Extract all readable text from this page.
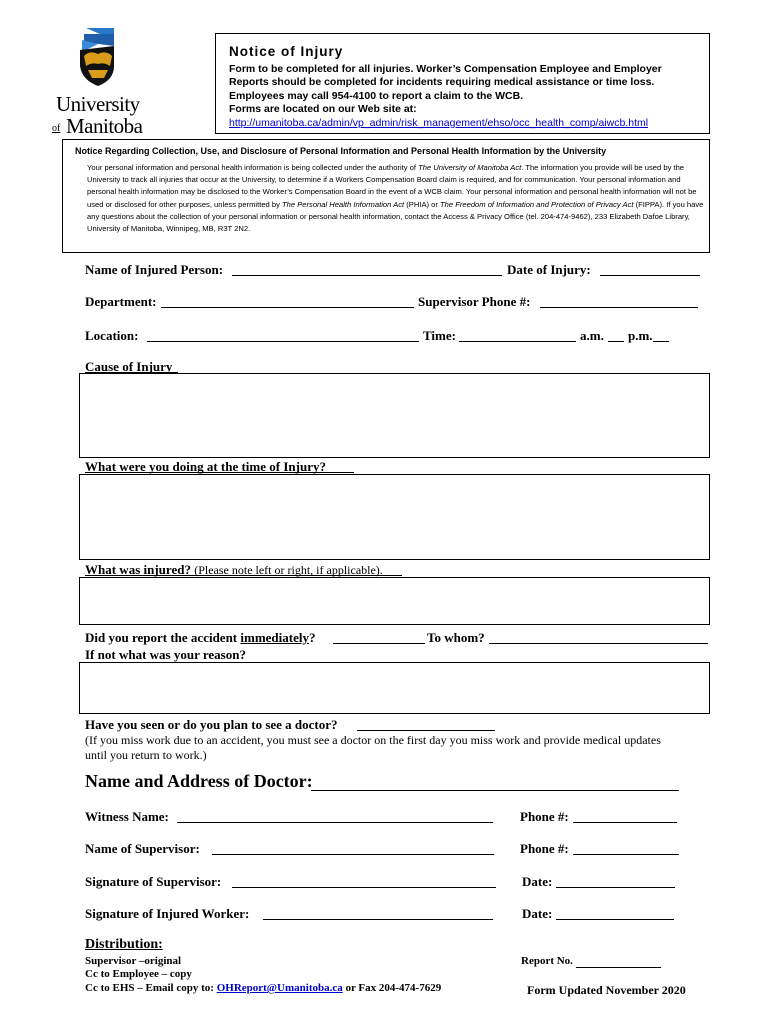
University
of Manitoba
Notice of Injury
Form to be completed for all injuries. Worker’s Compensation Employee and Employer
Reports should be completed for incidents requiring medical assistance or time loss.
Employees may call 954-4100 to report a claim to the WCB.
Forms are located on our Web site at:
http://umanitoba.ca/admin/vp_admin/risk_management/ehso/occ_health_comp/aiwcb.html
Notice Regarding Collection, Use, and Disclosure of Personal Information and Personal Health Information by the University
Your personal information and personal health information is being collected under the authority of The University of Manitoba Act. The information you provide will be used by the University to track all injuries that occur at the University, to determine if a Workers Compensation Board claim is required, and for communication. Your personal information and personal health information may be disclosed to the Worker’s Compensation Board in the event of a WCB claim. Your personal information and personal health information will not be used or disclosed for other purposes, unless permitted by The Personal Health Information Act (PHIA) or The Freedom of Information and Protection of Privacy Act (FIPPA). If you have any questions about the collection of your personal information or personal health information, contact the Access & Privacy Office (tel. 204-474-9462), 233 Elizabeth Dafoe Library, University of Manitoba, Winnipeg, MB, R3T 2N2.
Name of Injured Person:	Date of Injury:
Department:	Supervisor Phone #:
Location:	Time:	a.m. p.m.
Cause of Injury
What were you doing at the time of Injury?
What was injured? (Please note left or right, if applicable).
Did you report the accident immediately?	To whom?
If not what was your reason?
Have you seen or do you plan to see a doctor?
(If you miss work due to an accident, you must see a doctor on the first day you miss work and provide medical updates
until you return to work.)
Name and Address of Doctor:
Witness Name:	Phone #:
Name of Supervisor:	Phone #:
Signature of Supervisor:	Date:
Signature of Injured Worker:	Date:
Distribution:
Supervisor –original
Cc to Employee – copy
Cc to EHS – Email copy to: OHReport@Umanitoba.ca or Fax 204-474-7629
Report No.
Form Updated November 2020
